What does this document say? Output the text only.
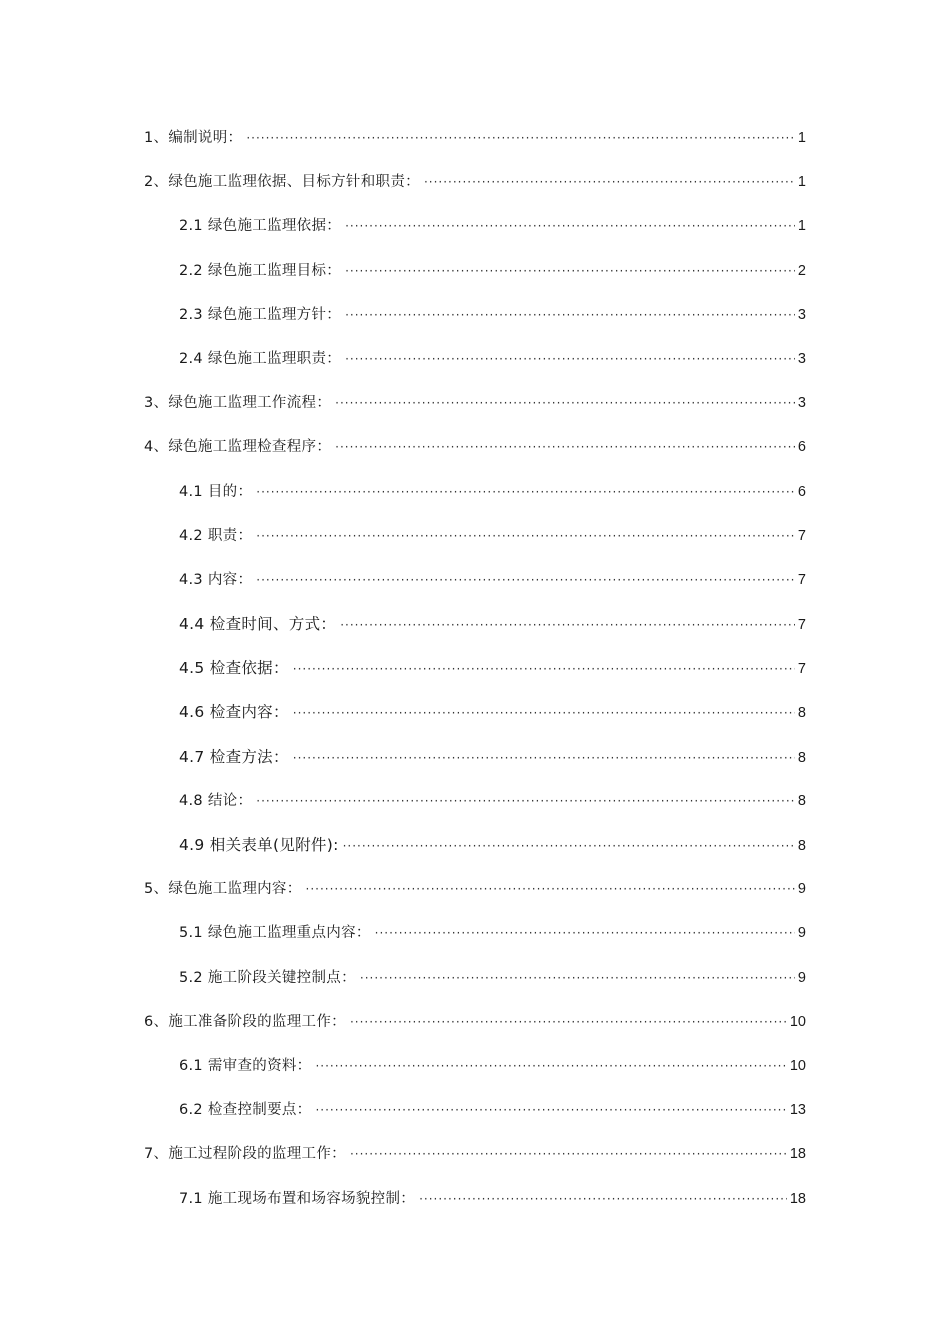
1、编制说明： ·····	1
2、绿色施工监理依据、目标方针和职责： ·····	1
2.1 绿色施工监理依据： ·····	1
2.2 绿色施工监理目标： ·····	2
2.3 绿色施工监理方针： ·····	3
2.4 绿色施工监理职责： ·····	3
3、绿色施工监理工作流程： ·····	3
4、绿色施工监理检查程序： ·····	6
4.1 目的： ·····	6
4.2 职责： ·····	7
4.3 内容： ·····	7
4.4 检查时间、方式： ·····	7
4.5 检查依据： ·····	7
4.6 检查内容： ·····	8
4.7 检查方法： ·····	8
4.8 结论： ·····	8
4.9 相关表单(见附件): ·····	8
5、绿色施工监理内容： ·····	9
5.1 绿色施工监理重点内容： ·····	9
5.2 施工阶段关键控制点： ·····	9
6、施工准备阶段的监理工作： ·····	10
6.1 需审查的资料： ·····	10
6.2 检查控制要点： ·····	13
7、施工过程阶段的监理工作： ·····	18
7.1 施工现场布置和场容场貌控制： ·····	18
